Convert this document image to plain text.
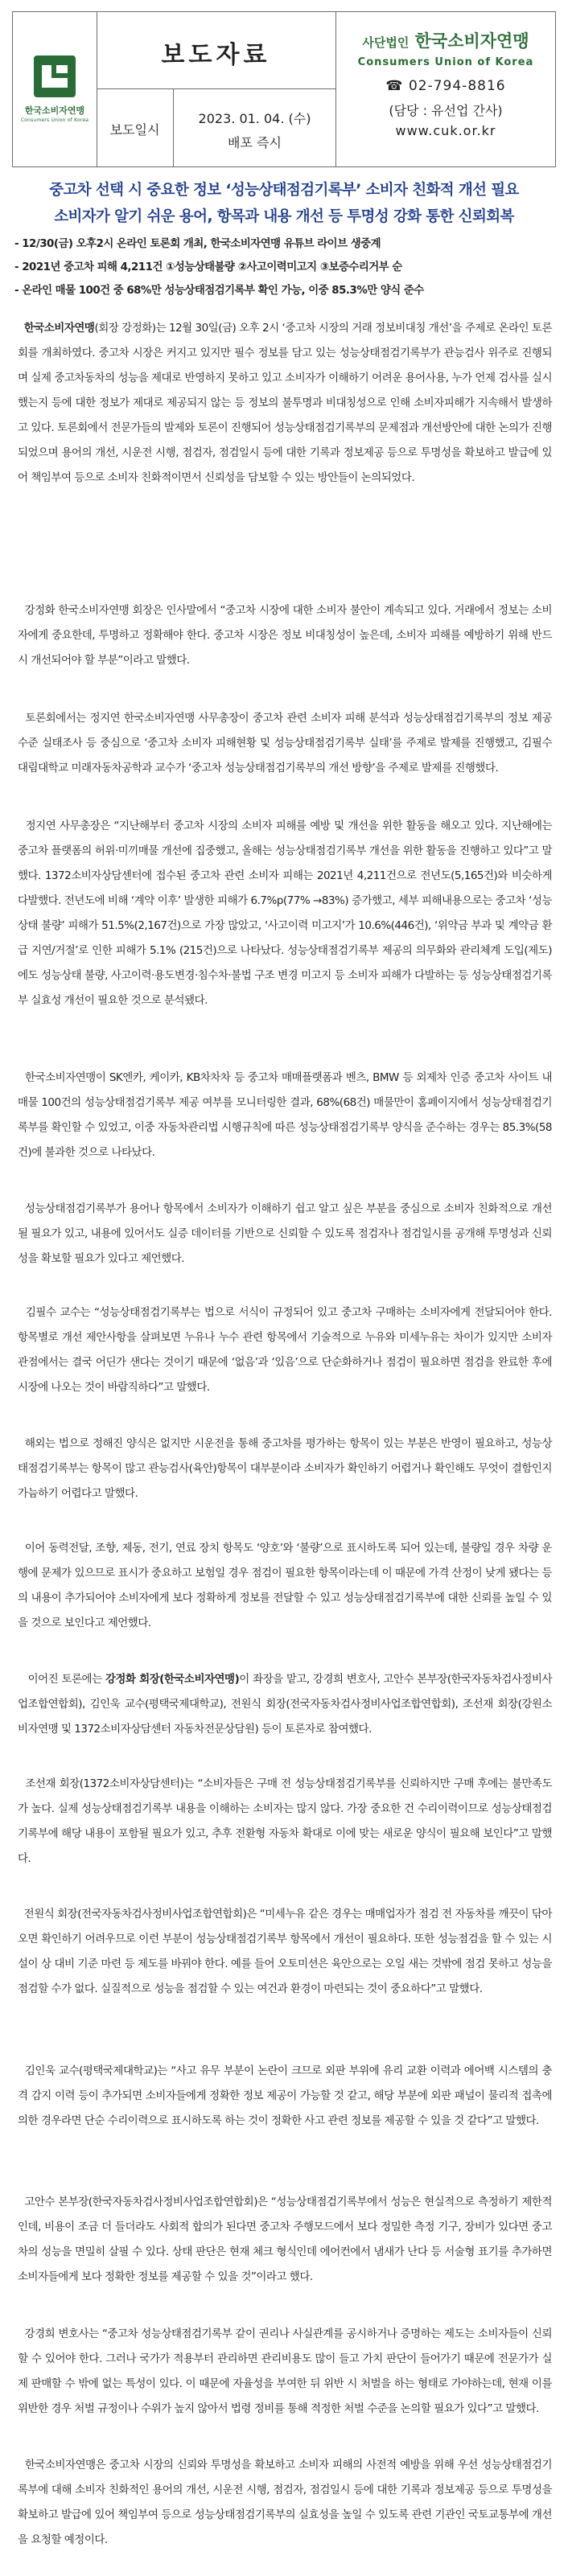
한국소비자연맹
Consumers Union of Korea
보도자료
보도일시
2023. 01. 04. (수)
배포 즉시
사단법인 한국소비자연맹
Consumers Union of Korea
☎ 02-794-8816
(담당 : 유선업 간사)
www.cuk.or.kr
중고차 선택 시 중요한 정보 ‘성능상태점검기록부’ 소비자 친화적 개선 필요
소비자가 알기 쉬운 용어, 항목과 내용 개선 등 투명성 강화 통한 신뢰회복
- 12/30(금) 오후2시 온라인 토론회 개최, 한국소비자연맹 유튜브 라이브 생중계
- 2021년 중고차 피해 4,211건 ①성능상태불량 ②사고이력미고지 ③보증수리거부 순
- 온라인 매물 100건 중 68%만 성능상태점검기록부 확인 가능, 이중 85.3%만 양식 준수
한국소비자연맹(회장 강정화)는 12월 30일(금) 오후 2시 ‘중고차 시장의 거래 정보비대칭 개선’을 주제로 온라인 토론회를 개최하였다. 중고차 시장은 커지고 있지만 필수 정보를 담고 있는 성능상태점검기록부가 관능검사 위주로 진행되며 실제 중고차동차의 성능을 제대로 반영하지 못하고 있고 소비자가 이해하기 어려운 용어사용, 누가 언제 검사를 실시했는지 등에 대한 정보가 제대로 제공되지 않는 등 정보의 불투명과 비대칭성으로 인해 소비자피해가 지속해서 발생하고 있다. 토론회에서 전문가들의 발제와 토론이 진행되어 성능상태점검기록부의 문제점과 개선방안에 대한 논의가 진행되었으며 용어의 개선, 시운전 시행, 점검자, 점검일시 등에 대한 기록과 정보제공 등으로 투명성을 확보하고 발급에 있어 책임부여 등으로 소비자 친화적이면서 신뢰성을 담보할 수 있는 방안들이 논의되었다.
강정화 한국소비자연맹 회장은 인사말에서 “중고차 시장에 대한 소비자 불안이 계속되고 있다. 거래에서 정보는 소비자에게 중요한데, 투명하고 정확해야 한다. 중고차 시장은 정보 비대칭성이 높은데, 소비자 피해를 예방하기 위해 반드시 개선되어야 할 부분”이라고 말했다.
토론회에서는 정지연 한국소비자연맹 사무총장이 중고차 관련 소비자 피해 분석과 성능상태점검기록부의 정보 제공 수준 실태조사 등 중심으로 ‘중고차 소비자 피해현황 및 성능상태점검기록부 실태’를 주제로 발제를 진행했고, 김필수 대림대학교 미래자동차공학과 교수가 ‘중고차 성능상태점검기록부의 개선 방향’을 주제로 발제를 진행했다.
정지연 사무총장은 “지난해부터 중고차 시장의 소비자 피해를 예방 및 개선을 위한 활동을 해오고 있다. 지난해에는 중고차 플랫폼의 허위·미끼매물 개선에 집중했고, 올해는 성능상태점검기록부 개선을 위한 활동을 진행하고 있다”고 말했다. 1372소비자상담센터에 접수된 중고차 관련 소비자 피해는 2021년 4,211건으로 전년도(5,165건)와 비슷하게 다발했다. 전년도에 비해 ‘계약 이후’ 발생한 피해가 6.7%p(77% →83%) 증가했고, 세부 피해내용으로는 중고차 ‘성능상태 불량’ 피해가 51.5%(2,167건)으로 가장 많았고, ‘사고이력 미고지’가 10.6%(446건), ‘위약금 부과 및 계약금 환급 지연/거절’로 인한 피해가 5.1% (215건)으로 나타났다. 성능상태점검기록부 제공의 의무화와 관리체계 도입(제도)에도 성능상태 불량, 사고이력·용도변경·침수차·불법 구조 변경 미고지 등 소비자 피해가 다발하는 등 성능상태점검기록부 실효성 개선이 필요한 것으로 분석됐다.
한국소비자연맹이 SK엔카, 케이카, KB차차차 등 중고차 매매플랫폼과 벤츠, BMW 등 외제차 인증 중고차 사이트 내 매물 100건의 성능상태점검기록부 제공 여부를 모니터링한 결과, 68%(68건) 매물만이 홈페이지에서 성능상태점검기록부를 확인할 수 있었고, 이중 자동차관리법 시행규칙에 따른 성능상태점검기록부 양식을 준수하는 경우는 85.3%(58건)에 불과한 것으로 나타났다.
성능상태점검기록부가 용어나 항목에서 소비자가 이해하기 쉽고 알고 싶은 부분을 중심으로 소비자 친화적으로 개선될 필요가 있고, 내용에 있어서도 실증 데이터를 기반으로 신뢰할 수 있도록 점검자나 점검일시를 공개해 투명성과 신뢰성을 확보할 필요가 있다고 제언했다.
김필수 교수는 “성능상태점검기록부는 법으로 서식이 규정되어 있고 중고차 구매하는 소비자에게 전달되어야 한다. 항목별로 개선 제안사항을 살펴보면 누유나 누수 관련 항목에서 기술적으로 누유와 미세누유는 차이가 있지만 소비자 관점에서는 결국 어딘가 샌다는 것이기 때문에 ‘없음’과 ‘있음’으로 단순화하거나 점검이 필요하면 점검을 완료한 후에 시장에 나오는 것이 바람직하다”고 말했다.
해외는 법으로 정해진 양식은 없지만 시운전을 통해 중고차를 평가하는 항목이 있는 부분은 반영이 필요하고, 성능상태점검기록부는 항목이 많고 관능검사(육안)항목이 대부분이라 소비자가 확인하기 어렵거나 확인해도 무엇이 결함인지 가늠하기 어렵다고 말했다.
이어 동력전달, 조향, 제동, 전기, 연료 장치 항목도 ‘양호’와 ‘불량’으로 표시하도록 되어 있는데, 불량일 경우 차량 운행에 문제가 있으므로 표시가 중요하고 보험일 경우 점검이 필요한 항목이라는데 이 때문에 가격 산정이 낮게 됐다는 등의 내용이 추가되어야 소비자에게 보다 정확하게 정보를 전달할 수 있고 성능상태점검기록부에 대한 신뢰를 높일 수 있을 것으로 보인다고 제언했다.
이어진 토론에는 강정화 회장(한국소비자연맹)이 좌장을 맡고, 강경희 변호사, 고안수 본부장(한국자동차검사정비사업조합연합회), 김인욱 교수(평택국제대학교), 전원식 회장(전국자동차검사정비사업조합연합회), 조선재 회장(강원소비자연맹 및 1372소비자상담센터 자동차전문상담원) 등이 토론자로 참여했다.
조선재 회장(1372소비자상담센터)는 “소비자들은 구매 전 성능상태점검기록부를 신뢰하지만 구매 후에는 불만족도가 높다. 실제 성능상태점검기록부 내용을 이해하는 소비자는 많지 않다. 가장 중요한 건 수리이력이므로 성능상태점검기록부에 해당 내용이 포함될 필요가 있고, 추후 전환형 자동차 확대로 이에 맞는 새로운 양식이 필요해 보인다”고 말했다.
전원식 회장(전국자동차검사정비사업조합연합회)은 “미세누유 같은 경우는 매매업자가 점검 전 자동차를 깨끗이 닦아오면 확인하기 어려우므로 이런 부분이 성능상태점검기록부 항목에서 개선이 필요하다. 또한 성능점검을 할 수 있는 시설이 상 대비 기준 마련 등 제도를 바꿔야 한다. 예를 들어 오토미션은 육안으로는 오일 새는 것밖에 점검 못하고 성능을 점검할 수가 없다. 실질적으로 성능을 점검할 수 있는 여건과 환경이 마련되는 것이 중요하다”고 말했다.
김인욱 교수(평택국제대학교)는 “사고 유무 부분이 논란이 크므로 외판 부위에 유리 교환 이력과 에어백 시스템의 충격 감지 이력 등이 추가되면 소비자들에게 정확한 정보 제공이 가능할 것 같고, 해당 부분에 외판 패널이 물리적 접촉에 의한 경우라면 단순 수리이력으로 표시하도록 하는 것이 정확한 사고 관련 정보를 제공할 수 있을 것 같다”고 말했다.
고안수 본부장(한국자동차검사정비사업조합연합회)은 “성능상태점검기록부에서 성능은 현실적으로 측정하기 제한적인데, 비용이 조금 더 들더라도 사회적 합의가 된다면 중고차 주행모드에서 보다 정밀한 측정 기구, 장비가 있다면 중고차의 성능을 면밀히 살필 수 있다. 상태 판단은 현재 체크 형식인데 에어컨에서 냄새가 난다 등 서술형 표기를 추가하면 소비자들에게 보다 정확한 정보를 제공할 수 있을 것”이라고 했다.
강경희 변호사는 “중고차 성능상태점검기록부 같이 권리나 사실관계를 공시하거나 증명하는 제도는 소비자들이 신뢰할 수 있어야 한다. 그러나 국가가 적용부터 관리하면 관리비용도 많이 들고 가치 판단이 들어가기 때문에 전문가가 실제 판매할 수 밖에 없는 특성이 있다. 이 때문에 자율성을 부여한 뒤 위반 시 처벌을 하는 형태로 가야하는데, 현재 이를 위반한 경우 처벌 규정이나 수위가 높지 않아서 법령 정비를 통해 적정한 처벌 수준을 논의할 필요가 있다”고 말했다.
한국소비자연맹은 중고차 시장의 신뢰와 투명성을 확보하고 소비자 피해의 사전적 예방을 위해 우선 성능상태점검기록부에 대해 소비자 친화적인 용어의 개선, 시운전 시행, 점검자, 점검일시 등에 대한 기록과 정보제공 등으로 투명성을 확보하고 발급에 있어 책임부여 등으로 성능상태점검기록부의 실효성을 높일 수 있도록 관련 기관인 국토교통부에 개선을 요청할 예정이다.
